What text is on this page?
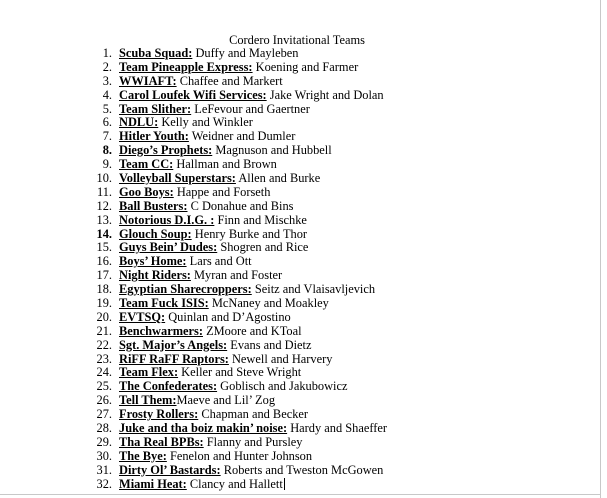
Cordero Invitational Teams
1. Scuba Squad: Duffy and Mayleben
2. Team Pineapple Express: Koening and Farmer
3. WWIAFT: Chaffee and Markert
4. Carol Loufek Wifi Services: Jake Wright and Dolan
5. Team Slither: LeFevour and Gaertner
6. NDLU: Kelly and Winkler
7. Hitler Youth: Weidner and Dumler
8. Diego’s Prophets: Magnuson and Hubbell
9. Team CC: Hallman and Brown
10. Volleyball Superstars: Allen and Burke
11. Goo Boys: Happe and Forseth
12. Ball Busters: C Donahue and Bins
13. Notorious D.I.G. : Finn and Mischke
14. Glouch Soup: Henry Burke and Thor
15. Guys Bein’ Dudes: Shogren and Rice
16. Boys’ Home: Lars and Ott
17. Night Riders: Myran and Foster
18. Egyptian Sharecroppers: Seitz and Vlaisavljevich
19. Team Fuck ISIS: McNaney and Moakley
20. EVTSQ: Quinlan and D’Agostino
21. Benchwarmers: ZMoore and KToal
22. Sgt. Major’s Angels: Evans and Dietz
23. RiFF RaFF Raptors: Newell and Harvery
24. Team Flex: Keller and Steve Wright
25. The Confederates: Goblisch and Jakubowicz
26. Tell Them:Maeve and Lil’ Zog
27. Frosty Rollers: Chapman and Becker
28. Juke and tha boiz makin’ noise: Hardy and Shaeffer
29. Tha Real BPBs: Flanny and Pursley
30. The Bye: Fenelon and Hunter Johnson
31. Dirty Ol’ Bastards: Roberts and Tweston McGowen
32. Miami Heat: Clancy and Hallett
